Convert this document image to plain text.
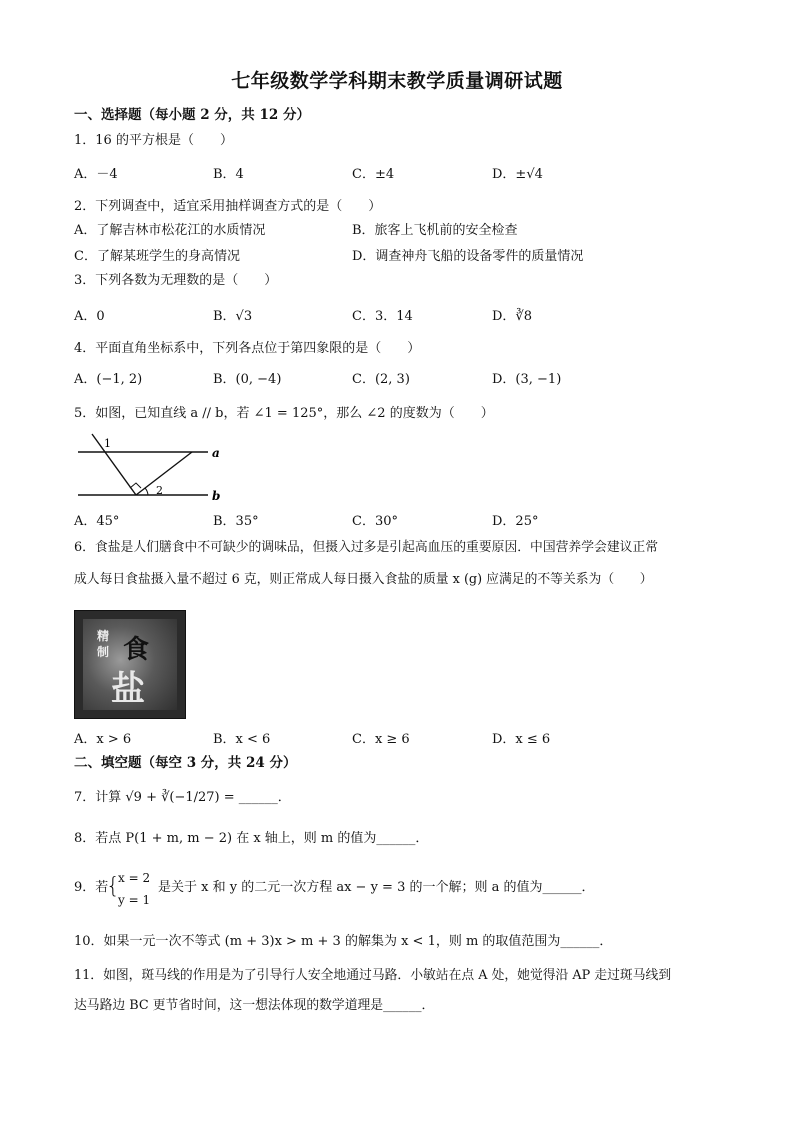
七年级数学学科期末教学质量调研试题
一、选择题（每小题 2 分，共 12 分）
1．16 的平方根是（　　）
A．－4	B．4	C．±4	D．±√4
2．下列调查中，适宜采用抽样调查方式的是（　　）
A．了解吉林市松花江的水质情况	B．旅客上飞机前的安全检查
C．了解某班学生的身高情况	D．调查神舟飞船的设备零件的质量情况
3．下列各数为无理数的是（　　）
A．0	B．√3	C．3．14	D．∛8
4．平面直角坐标系中，下列各点位于第四象限的是（　　）
A．(−1, 2)	B．(0, −4)	C．(2, 3)	D．(3, −1)
5．如图，已知直线 a // b，若 ∠1 = 125°，那么 ∠2 的度数为（　　）
1
2
a
b
A．45°	B．35°	C．30°	D．25°
6．食盐是人们膳食中不可缺少的调味品，但摄入过多是引起高血压的重要原因．中国营养学会建议正常
成人每日食盐摄入量不超过 6 克，则正常成人每日摄入食盐的质量 x (g) 应满足的不等关系为（　　）
精
制 食
盐
A．x > 6	B．x < 6	C．x ≥ 6	D．x ≤ 6
二、填空题（每空 3 分，共 24 分）
7．计算 √9 + ∛(−1/27) = ______．
8．若点 P(1 + m, m − 2) 在 x 轴上，则 m 的值为______．
9．若
{
x = 2
y = 1
是关于 x 和 y 的二元一次方程 ax − y = 3 的一个解；则 a 的值为______．
10．如果一元一次不等式 (m + 3)x > m + 3 的解集为 x < 1，则 m 的取值范围为______．
11．如图，斑马线的作用是为了引导行人安全地通过马路．小敏站在点 A 处，她觉得沿 AP 走过斑马线到
达马路边 BC 更节省时间，这一想法体现的数学道理是______．
